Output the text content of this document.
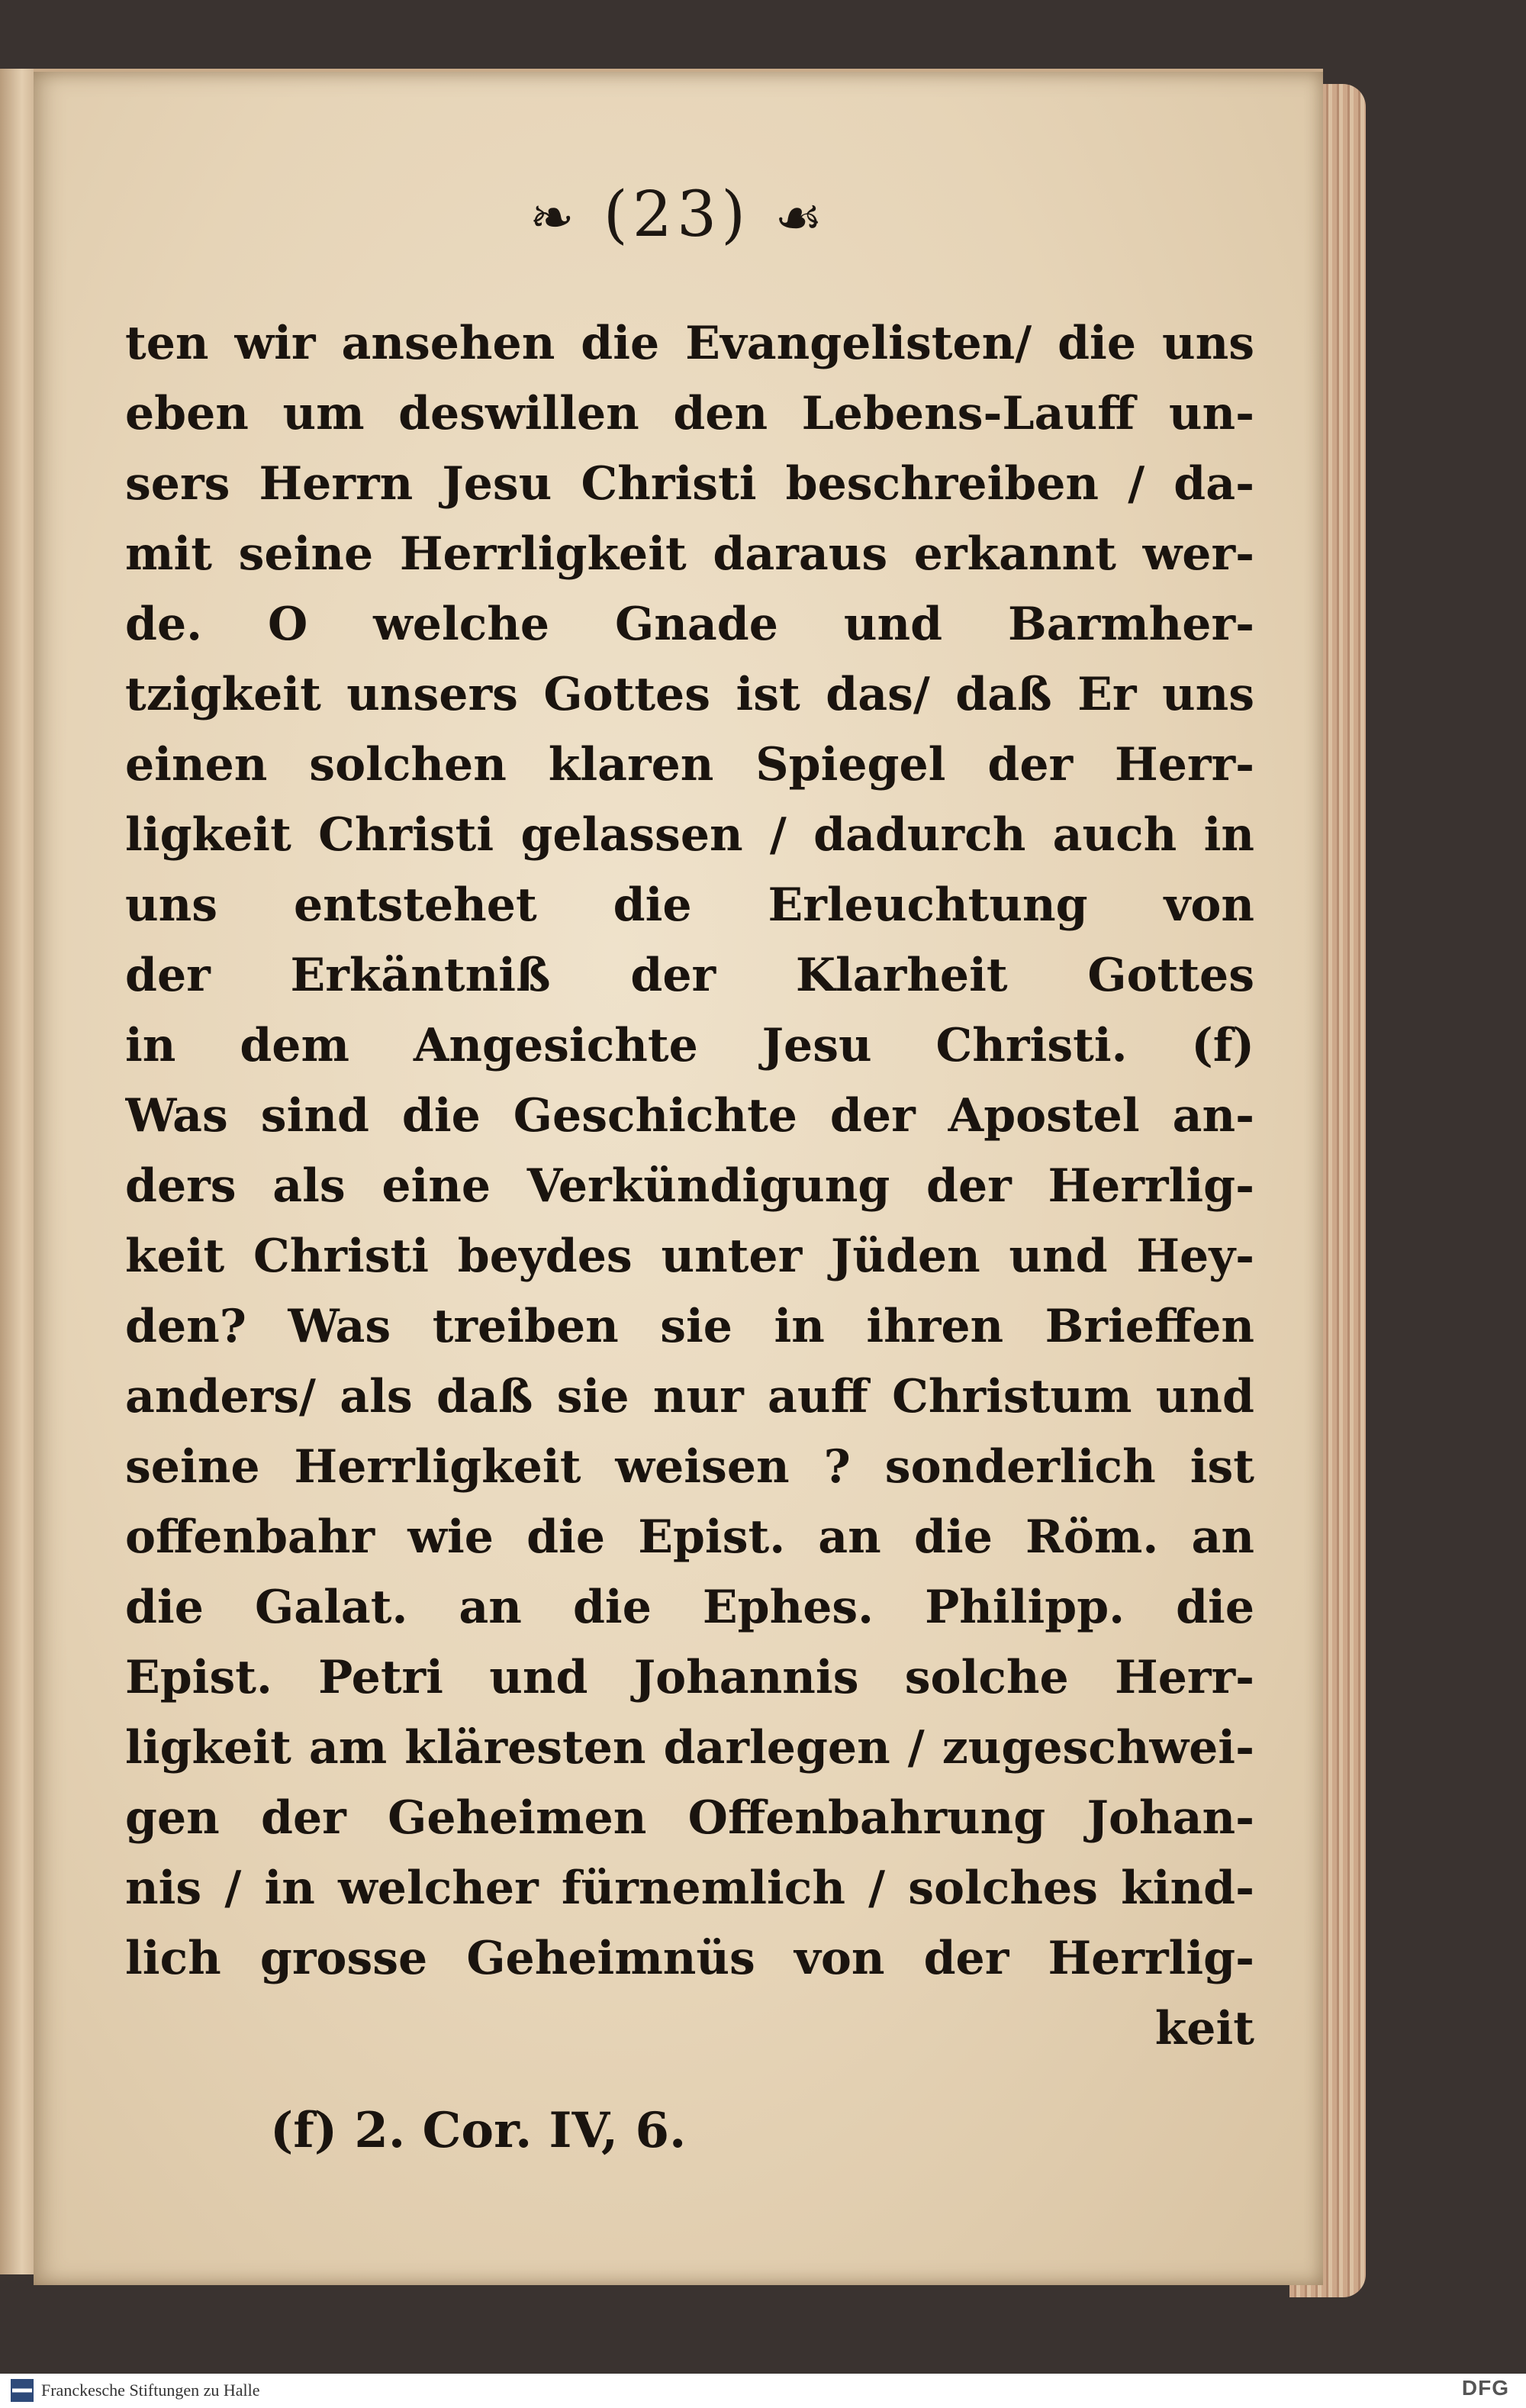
❧ (23) ☙
ten wir ansehen die Evangelisten/ die uns
eben um deswillen den Lebens-Lauff un-
sers Herrn Jesu Christi beschreiben / da-
mit seine Herrligkeit daraus erkannt wer-
de. O welche Gnade und Barmher-
tzigkeit unsers Gottes ist das/ daß Er uns
einen solchen klaren Spiegel der Herr-
ligkeit Christi gelassen / dadurch auch in
uns entstehet die Erleuchtung von
der Erkäntniß der Klarheit Gottes
in dem Angesichte Jesu Christi. (f)
Was sind die Geschichte der Apostel an-
ders als eine Verkündigung der Herrlig-
keit Christi beydes unter Jüden und Hey-
den? Was treiben sie in ihren Brieffen
anders/ als daß sie nur auff Christum und
seine Herrligkeit weisen ? sonderlich ist
offenbahr wie die Epist. an die Röm. an
die Galat. an die Ephes. Philipp. die
Epist. Petri und Johannis solche Herr-
ligkeit am kläresten darlegen / zugeschwei-
gen der Geheimen Offenbahrung Johan-
nis / in welcher fürnemlich / solches kind-
lich grosse Geheimnüs von der Herrlig-
keit
(f) 2. Cor. IV, 6.
Franckesche Stiftungen zu Halle	DFG
